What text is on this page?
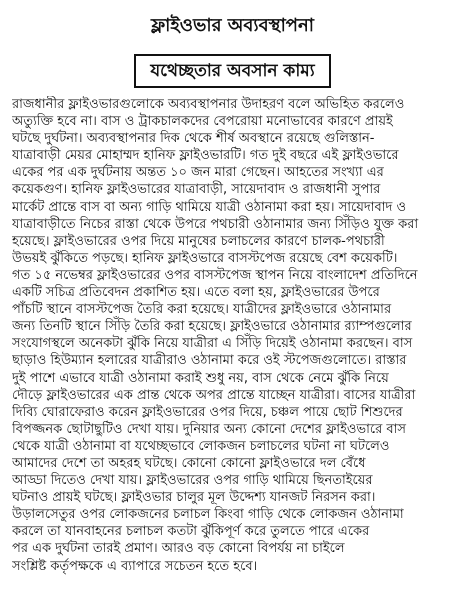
ফ্লাইওভার অব্যবস্থাপনা
যথেচ্ছতার অবসান কাম্য

রাজধানীর ফ্লাইওভারগুলোকে অব্যবস্থাপনার উদাহরণ বলে অভিহিত করলেও

অত্যুক্তি হবে না। বাস ও ট্রাকচালকদের বেপরোয়া মনোভাবের কারণে প্রায়ই

ঘটছে দুর্ঘটনা। অব্যবস্থাপনার দিক থেকে শীর্ষ অবস্থানে রয়েছে গুলিস্তান-

যাত্রাবাড়ী মেয়র মোহাম্মদ হানিফ ফ্লাইওভারটি। গত দুই বছরে এই ফ্লাইওভারে

একের পর এক দুর্ঘটনায় অন্তত ১০ জন মারা গেছেন। আহতের সংখ্যা এর

কয়েকগুণ। হানিফ ফ্লাইওভারের যাত্রাবাড়ী, সায়েদাবাদ ও রাজধানী সুপার

মার্কেট প্রান্তে বাস বা অন্য গাড়ি থামিয়ে যাত্রী ওঠানামা করা হয়। সায়েদাবাদ ও

যাত্রাবাড়ীতে নিচের রাস্তা থেকে উপরে পথচারী ওঠানামার জন্য সিঁড়িও যুক্ত করা

হয়েছে। ফ্লাইওভারের ওপর দিয়ে মানুষের চলাচলের কারণে চালক-পথচারী

উভয়ই ঝুঁকিতে পড়ছে। হানিফ ফ্লাইওভারে বাসস্টপেজ রয়েছে বেশ কয়েকটি।

গত ১৫ নভেম্বর ফ্লাইওভারের ওপর বাসস্টপেজ স্থাপন নিয়ে বাংলাদেশ প্রতিদিনে

একটি সচিত্র প্রতিবেদন প্রকাশিত হয়। এতে বলা হয়, ফ্লাইওভারের উপরে

পাঁচটি স্থানে বাসস্টপেজ তৈরি করা হয়েছে। যাত্রীদের ফ্লাইওভারে ওঠানামার

জন্য তিনটি স্থানে সিঁড়ি তৈরি করা হয়েছে। ফ্লাইওভারে ওঠানামার র‍্যাম্পগুলোর

সংযোগস্থলে অনেকটা ঝুঁকি নিয়ে যাত্রীরা এ সিঁড়ি দিয়েই ওঠানামা করছেন। বাস

ছাড়াও হিউম্যান হলারের যাত্রীরাও ওঠানামা করে ওই স্টপেজগুলোতে। রাস্তার

দুই পাশে এভাবে যাত্রী ওঠানামা করাই শুধু নয়, বাস থেকে নেমে ঝুঁকি নিয়ে

দৌড়ে ফ্লাইওভারের এক প্রান্ত থেকে অপর প্রান্তে যাচ্ছেন যাত্রীরা। বাসের যাত্রীরা

দিব্যি ঘোরাফেরাও করেন ফ্লাইওভারের ওপর দিয়ে, চঞ্চল পায়ে ছোট শিশুদের

বিপজ্জনক ছোটাছুটিও দেখা যায়। দুনিয়ার অন্য কোনো দেশের ফ্লাইওভারে বাস

থেকে যাত্রী ওঠানামা বা যথেচ্ছভাবে লোকজন চলাচলের ঘটনা না ঘটলেও

আমাদের দেশে তা অহরহ ঘটছে। কোনো কোনো ফ্লাইওভারে দল বেঁধে

আড্ডা দিতেও দেখা যায়। ফ্লাইওভারের ওপর গাড়ি থামিয়ে ছিনতাইয়ের

ঘটনাও প্রায়ই ঘটছে। ফ্লাইওভার চালুর মূল উদ্দেশ্য যানজট নিরসন করা।

উড়ালসেতুর ওপর লোকজনের চলাচল কিংবা গাড়ি থেকে লোকজন ওঠানামা

করলে তা যানবাহনের চলাচল কতটা ঝুঁকিপূর্ণ করে তুলতে পারে একের

পর এক দুর্ঘটনা তারই প্রমাণ। আরও বড় কোনো বিপর্যয় না চাইলে

সংশ্লিষ্ট কর্তৃপক্ষকে এ ব্যাপারে সচেতন হতে হবে।
